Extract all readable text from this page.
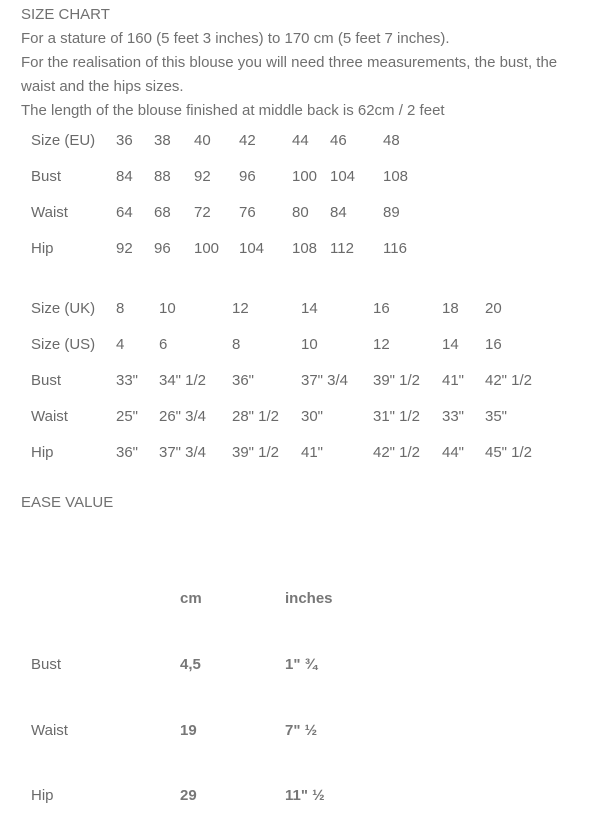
SIZE CHART

For a stature of 160 (5 feet 3 inches) to 170 cm (5 feet 7 inches).

For the realisation of this blouse you will need three measurements, the bust, the waist and the hips sizes.

The length of the blouse finished at middle back is 62cm / 2 feet

Size (EU)	36	38	40	42	44	46	48
Bust	84	88	92	96	100	104	108
Waist	64	68	72	76	80	84	89
Hip	92	96	100	104	108	112	116
Size (UK)	8	10	12	14	16	18	20
Size (US)	4	6	8	10	12	14	16
Bust	33"	34" 1/2	36"	37" 3/4	39" 1/2	41"	42" 1/2
Waist	25"	26" 3/4	28" 1/2	30"	31" 1/2	33"	35"
Hip	36"	37" 3/4	39" 1/2	41"	42" 1/2	44"	45" 1/2
EASE VALUE
	cm	inches
Bust	4,5	1" ¾
Waist	19	7" ½
Hip	29	11" ½
